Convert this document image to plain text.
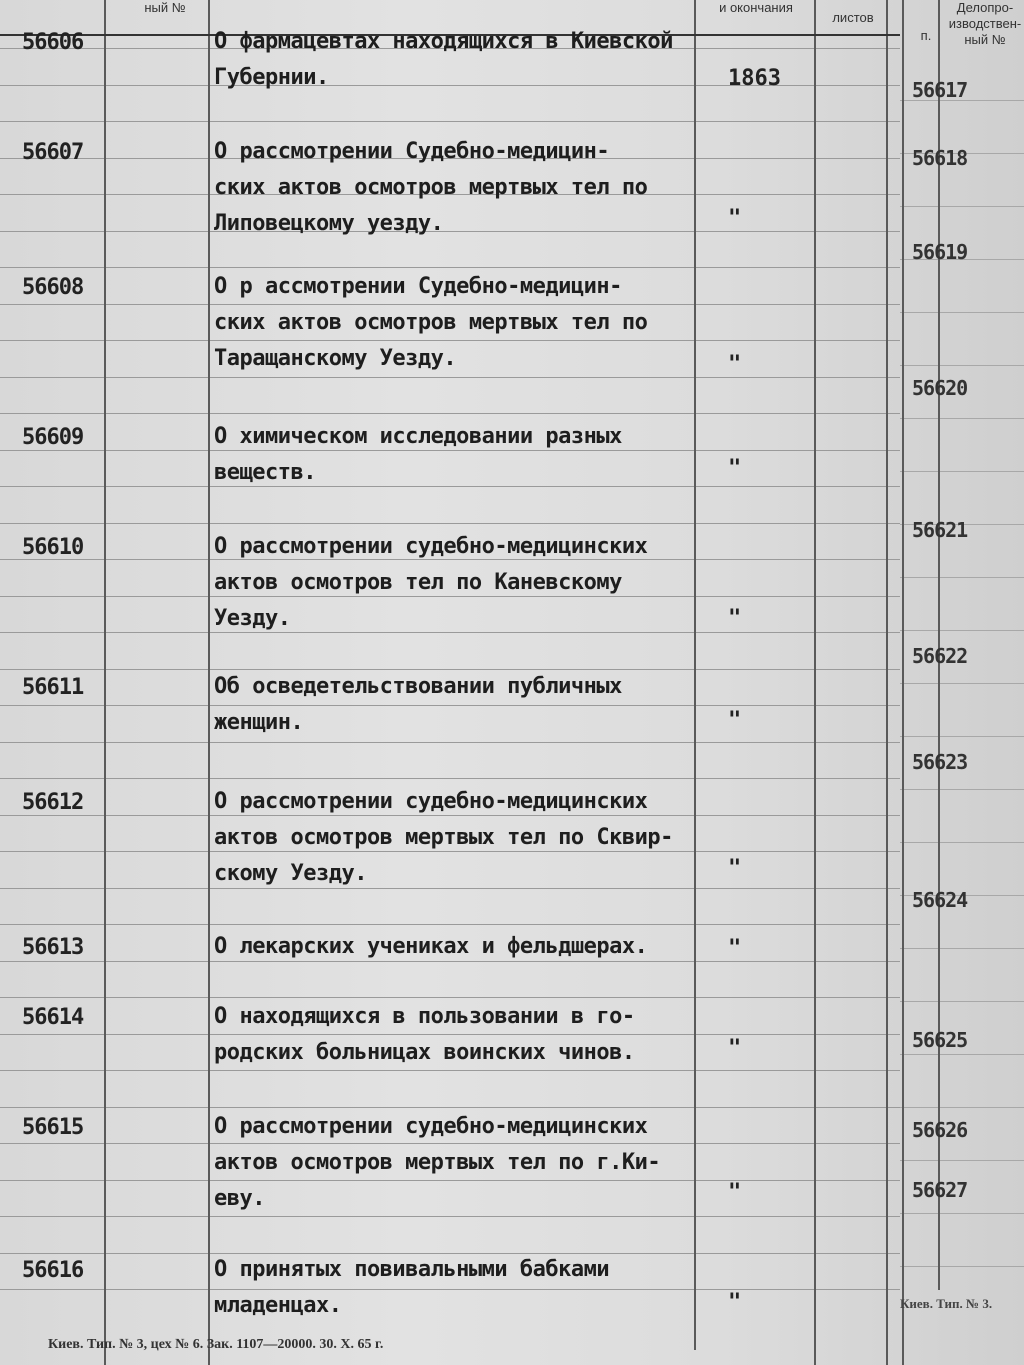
ный №	и окончания
листов
п.
Делопро-
изводствен-
ный №
56606	О фармацевтах находящихся в Киевской
Губернии.	1863
56607	О рассмотрении Судебно-медицин-
ских актов осмотров мертвых тел по
Липовецкому уезду.	"
56608	О р ассмотрении Судебно-медицин-
ских актов осмотров мертвых тел по
Таращанскому Уезду.	"
56609	О химическом исследовании разных
веществ.	"
56610	О рассмотрении судебно-медицинских
актов осмотров тел по Каневскому
Уезду.	"
56611	Об осведетельствовании публичных
женщин.	"
56612	О рассмотрении судебно-медицинских
актов осмотров мертвых тел по Сквир-
скому Уезду.	"
56613	О лекарских учениках и фельдшерах.	"
56614	О находящихся в пользовании в го-
родских больницах воинских чинов.	"
56615	О рассмотрении судебно-медицинских
актов осмотров мертвых тел по г.Ки-
еву.	"
56616	О принятых повивальными бабками
младенцах.	"
56617
56618
56619
56620
56621
56622
56623
56624
56625
56626
56627
Киев. Тип. № 3, цех № 6. Зак. 1107—20000. 30. X. 65 г.
Киев. Тип. № 3.
